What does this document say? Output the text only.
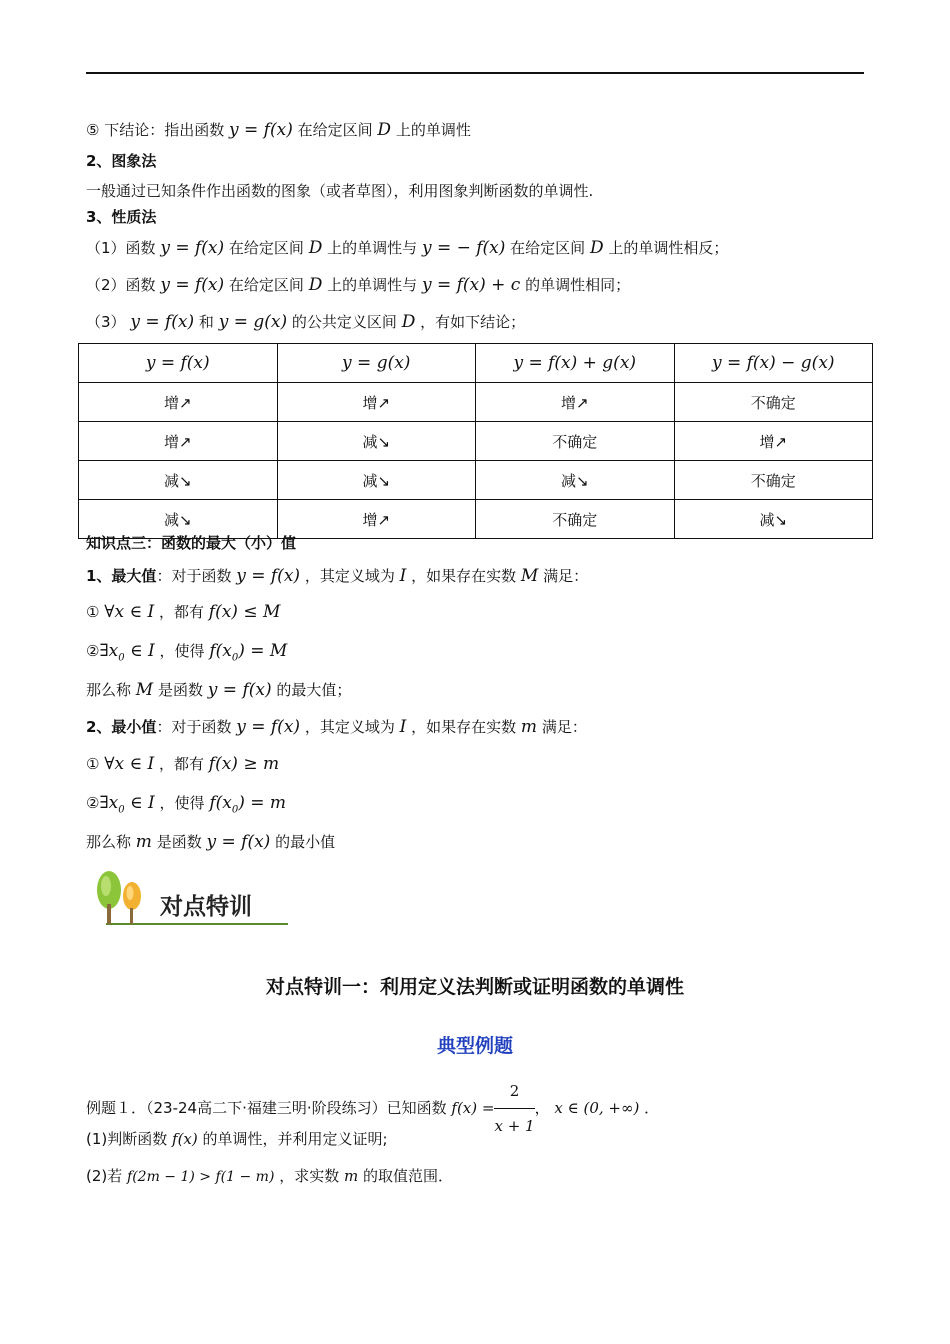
⑤ 下结论：指出函数 y = f(x) 在给定区间 D 上的单调性
2、图象法
一般通过已知条件作出函数的图象（或者草图），利用图象判断函数的单调性.
3、性质法
（1）函数 y = f(x) 在给定区间 D 上的单调性与 y = − f(x) 在给定区间 D 上的单调性相反；
（2）函数 y = f(x) 在给定区间 D 上的单调性与 y = f(x) + c 的单调性相同；
（3） y = f(x) 和 y = g(x) 的公共定义区间 D ，有如下结论；
y = f(x)	y = g(x)	y = f(x) + g(x)	y = f(x) − g(x)
增↗	增↗	增↗	不确定
增↗	减↘	不确定	增↗
减↘	减↘	减↘	不确定
减↘	增↗	不确定	减↘
知识点三：函数的最大（小）值
1、最大值：对于函数 y = f(x) ，其定义域为 I ，如果存在实数 M 满足：
① ∀x ∈ I ，都有 f(x) ≤ M
$②\exists x_0$ ∈ I ，使得 $f(x_0) = M$
那么称 M 是函数 y = f(x) 的最大值；
2、最小值：对于函数 y = f(x) ，其定义域为 I ，如果存在实数 m 满足：
① ∀x ∈ I ，都有 f(x) ≥ m
$②\exists x_0$ ∈ I ，使得 $f(x_0) = m$
那么称 m 是函数 y = f(x) 的最小值
对点特训
对点特训一：利用定义法判断或证明函数的单调性
典型例题
例题１．（23-24高二下·福建三明·阶段练习）已知函数 $f(x) = \frac{2}{x + 1}$ ， x ∈ (0, +∞) ．
(1)判断函数 f(x) 的单调性，并利用定义证明;
(2)若 f(2m − 1) > f(1 − m) ，求实数 m 的取值范围．
